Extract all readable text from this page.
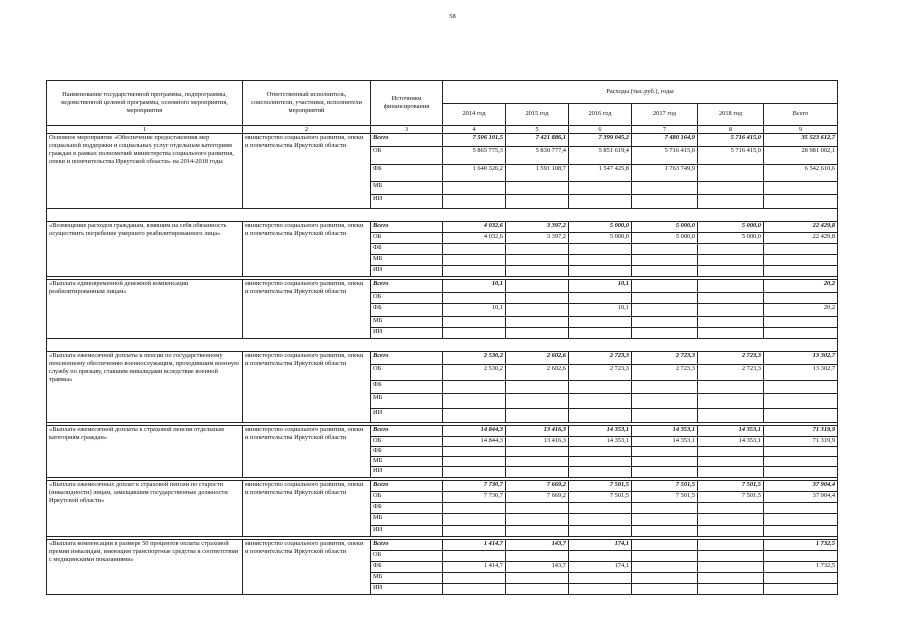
58
Наименование государственной программы, подпрограммы, ведомственной целевой программы, основного мероприятия, мероприятия	Ответственный исполнитель, соисполнители, участники, исполнители мероприятий	Источники финансирования	Расходы (тыс.руб.), годы					
			2014 год	2015 год	2016 год	2017 год	2018 год	Всего
1	2	3	4	5	6	7	8	9
Основное мероприятие «Обеспечение предоставления мер социальной поддержки и социальных услуг отдельным категориям граждан в рамках полномочий министерства социального развития, опеки и попечительства Иркутской области» на 2014-2018 годы	министерство социального развития, опеки и попечительства Иркутской области	Всего	7 506 101,5	7 421 886,1	7 399 045,2	7 480 164,9	5 716 415,0	35 523 612,7
		ОБ	5 865 775,3	5 830 777,4	5 851 619,4	5 716 415,0	5 716 415,0	28 981 002,1
		ФБ	1 640 326,2	1 591 108,7	1 547 425,8	1 763 749,9		6 542 610,6
		МБ						
		ИИ						

«Возмещение расходов гражданам, взявшим на себя обязанность осуществить погребение умершего реабилитированного лица»	министерство социального развития, опеки и попечительства Иркутской области	Всего	4 032,6	3 397,2	5 000,0	5 000,0	5 000,0	22 429,8
		ОБ	4 032,6	3 397,2	5 000,0	5 000,0	5 000,0	22 429,8
		ФБ						
		МБ						
		ИИ						

«Выплата единовременной денежной компенсации реабилитированным лицам»	министерство социального развития, опеки и попечительства Иркутской области	Всего	10,1		10,1			20,2
		ОБ						
		ФБ	10,1		10,1			20,2
		МБ						
		ИИ						

«Выплата ежемесячной доплаты к пенсии по государственному пенсионному обеспечению военнослужащим, проходившим военную службу по призыву, ставшим инвалидами вследствие военной травмы»	министерство социального развития, опеки и попечительства Иркутской области	Всего	2 530,2	2 602,6	2 723,3	2 723,3	2 723,3	13 302,7
		ОБ	2 530,2	2 602,6	2 723,3	2 723,3	2 723,3	13 302,7
		ФБ						
		МБ						
		ИИ						

«Выплата ежемесячной доплаты к страховой пенсии отдельным категориям граждан»	министерство социального развития, опеки и попечительства Иркутской области	Всего	14 844,3	13 416,3	14 353,1	14 353,1	14 353,1	71 319,9
		ОБ	14 844,3	13 416,3	14 353,1	14 353,1	14 353,1	71 319,9
		ФБ						
		МБ						
		ИИ						

«Выплата ежемесячных доплат к страховой пенсии по старости (инвалидности) лицам, замещавшим государственные должности Иркутской области»	министерство социального развития, опеки и попечительства Иркутской области	Всего	7 730,7	7 669,2	7 501,5	7 501,5	7 501,5	37 904,4
		ОБ	7 730,7	7 669,2	7 501,5	7 501,5	7 501,5	37 904,4
		ФБ						
		МБ						
		ИИ						

«Выплата компенсации в размере 50 процентов оплаты страховой премии инвалидам, имеющим транспортные средства в соответствии с медицинскими показаниями»	министерство социального развития, опеки и попечительства Иркутской области	Всего	1 414,7	143,7	174,1			1 732,5
		ОБ						
		ФБ	1 414,7	143,7	174,1			1 732,5
		МБ						
		ИИ						
